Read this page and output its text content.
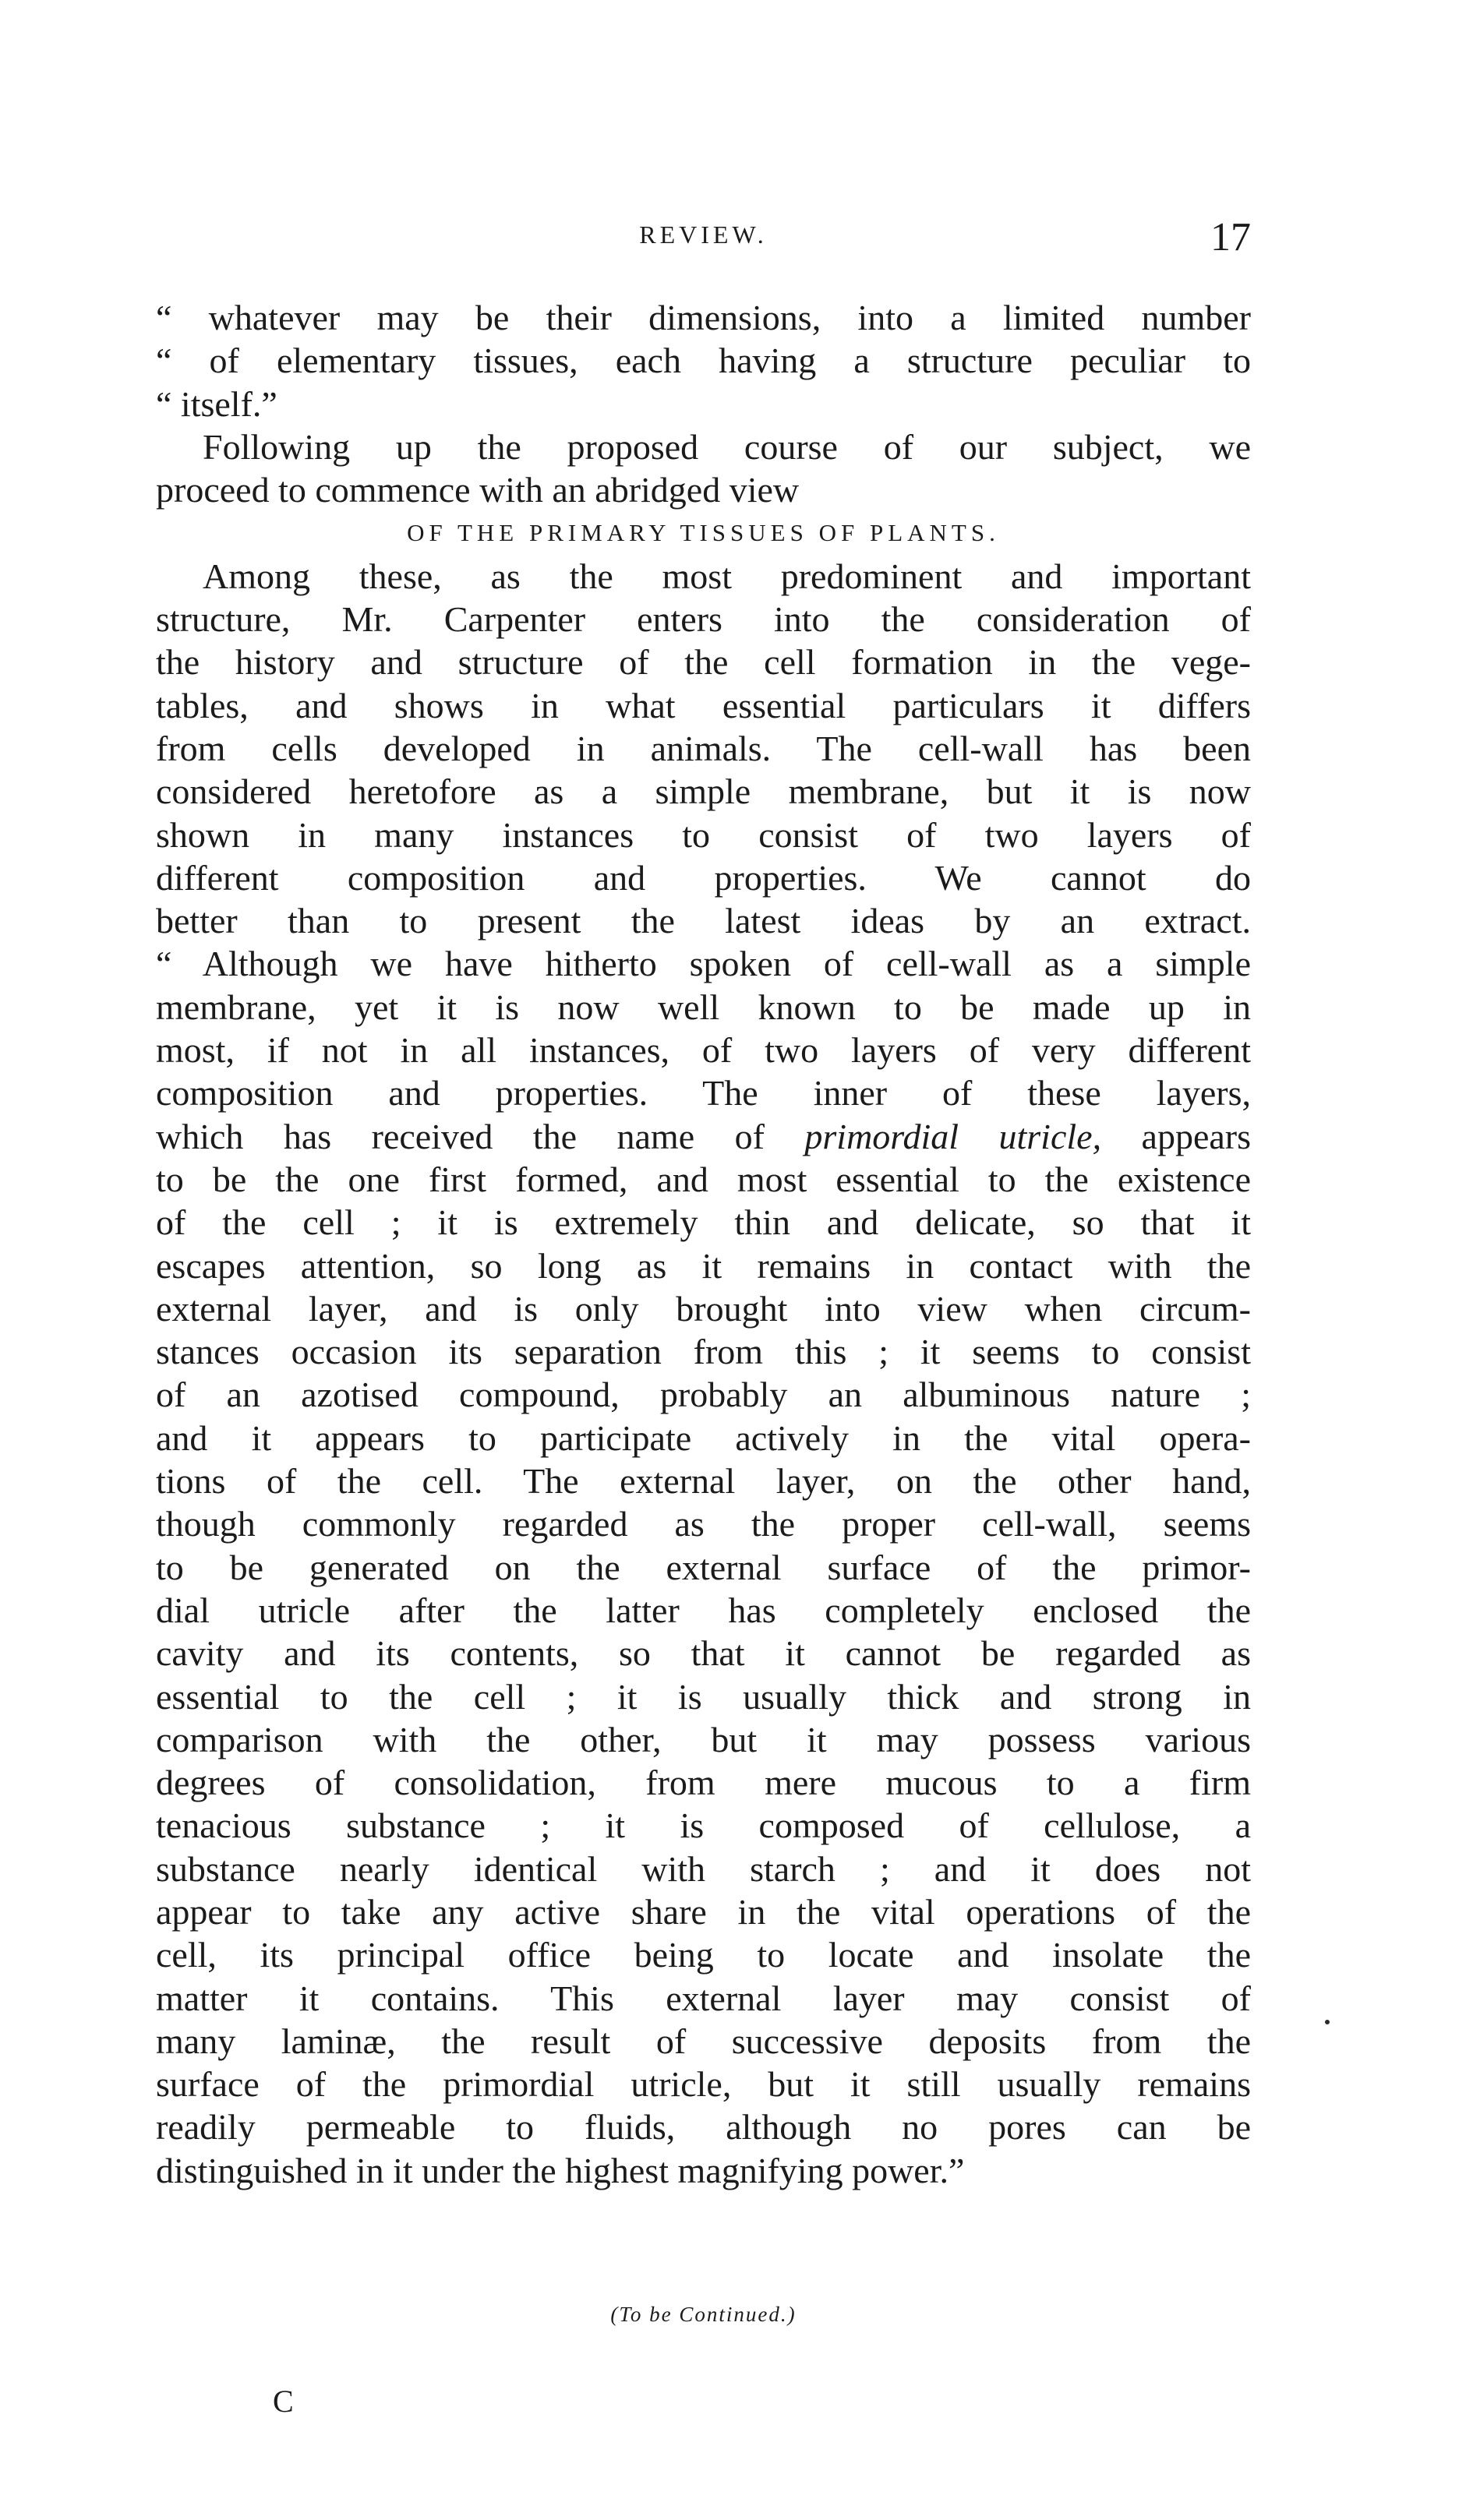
REVIEW.	17
“ whatever may be their dimensions, into a limited number
“ of elementary tissues, each having a structure peculiar to
“ itself.”
Following up the proposed course of our subject, we
proceed to commence with an abridged view
OF THE PRIMARY TISSUES OF PLANTS.
Among these, as the most predominent and important
structure, Mr. Carpenter enters into the consideration of
the history and structure of the cell formation in the vege-
tables, and shows in what essential particulars it differs
from cells developed in animals. The cell-wall has been
considered heretofore as a simple membrane, but it is now
shown in many instances to consist of two layers of
different composition and properties. We cannot do
better than to present the latest ideas by an extract.
“ Although we have hitherto spoken of cell-wall as a simple
membrane, yet it is now well known to be made up in
most, if not in all instances, of two layers of very different
composition and properties. The inner of these layers,
which has received the name of primordial utricle, appears
to be the one first formed, and most essential to the existence
of the cell ; it is extremely thin and delicate, so that it
escapes attention, so long as it remains in contact with the
external layer, and is only brought into view when circum-
stances occasion its separation from this ; it seems to consist
of an azotised compound, probably an albuminous nature ;
and it appears to participate actively in the vital opera-
tions of the cell. The external layer, on the other hand,
though commonly regarded as the proper cell-wall, seems
to be generated on the external surface of the primor-
dial utricle after the latter has completely enclosed the
cavity and its contents, so that it cannot be regarded as
essential to the cell ; it is usually thick and strong in
comparison with the other, but it may possess various
degrees of consolidation, from mere mucous to a firm
tenacious substance ; it is composed of cellulose, a
substance nearly identical with starch ; and it does not
appear to take any active share in the vital operations of the
cell, its principal office being to locate and insolate the
matter it contains. This external layer may consist of
many laminæ, the result of successive deposits from the
surface of the primordial utricle, but it still usually remains
readily permeable to fluids, although no pores can be
distinguished in it under the highest magnifying power.”
(To be Continued.)
C
